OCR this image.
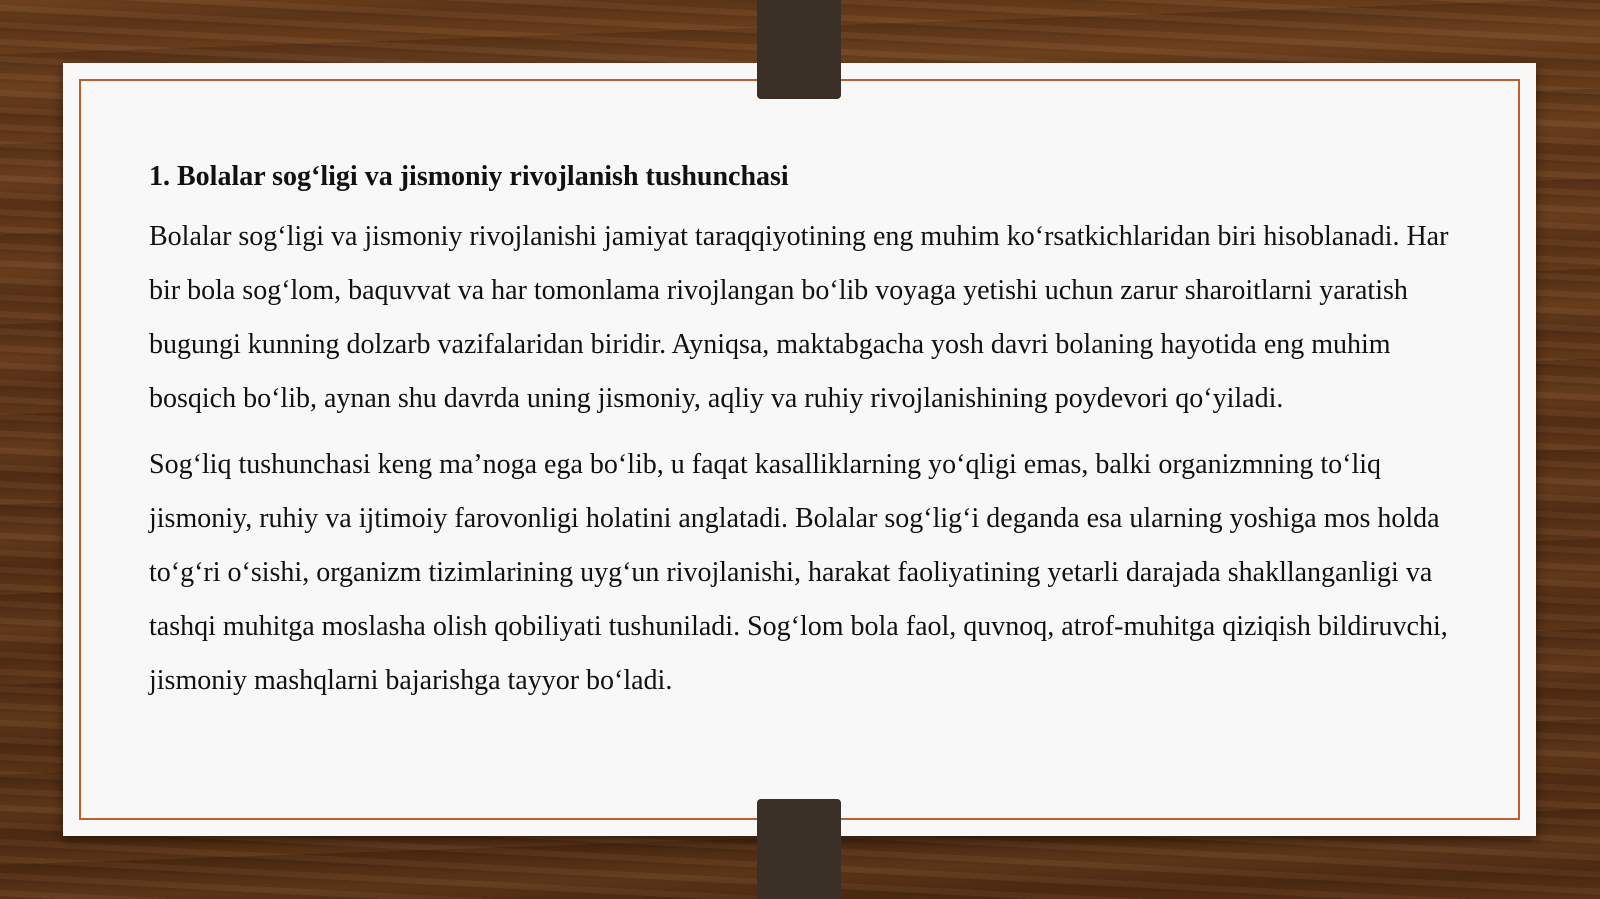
1. Bolalar sog‘ligi va jismoniy rivojlanish tushunchasi

Bolalar sog‘ligi va jismoniy rivojlanishi jamiyat taraqqiyotining eng muhim ko‘rsatkichlaridan biri hisoblanadi. Har bir bola sog‘lom, baquvvat va har tomonlama rivojlangan bo‘lib voyaga yetishi uchun zarur sharoitlarni yaratish bugungi kunning dolzarb vazifalaridan biridir. Ayniqsa, maktabgacha yosh davri bolaning hayotida eng muhim bosqich bo‘lib, aynan shu davrda uning jismoniy, aqliy va ruhiy rivojlanishining poydevori qo‘yiladi.

Sog‘liq tushunchasi keng ma’noga ega bo‘lib, u faqat kasalliklarning yo‘qligi emas, balki organizmning to‘liq jismoniy, ruhiy va ijtimoiy farovonligi holatini anglatadi. Bolalar sog‘lig‘i deganda esa ularning yoshiga mos holda to‘g‘ri o‘sishi, organizm tizimlarining uyg‘un rivojlanishi, harakat faoliyatining yetarli darajada shakllanganligi va tashqi muhitga moslasha olish qobiliyati tushuniladi. Sog‘lom bola faol, quvnoq, atrof-muhitga qiziqish bildiruvchi, jismoniy mashqlarni bajarishga tayyor bo‘ladi.
